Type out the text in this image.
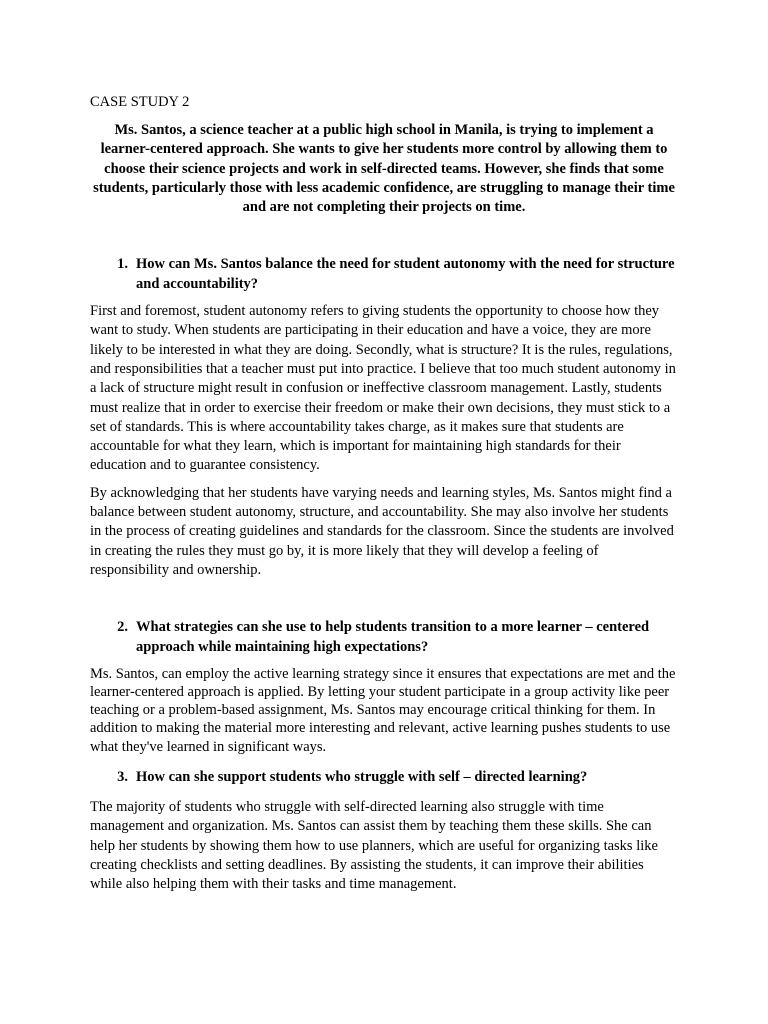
CASE STUDY 2
Ms. Santos, a science teacher at a public high school in Manila, is trying to implement a learner-centered approach. She wants to give her students more control by allowing them to choose their science projects and work in self-directed teams. However, she finds that some students, particularly those with less academic confidence, are struggling to manage their time and are not completing their projects on time.
1. How can Ms. Santos balance the need for student autonomy with the need for structure and accountability?

First and foremost, student autonomy refers to giving students the opportunity to choose how they want to study. When students are participating in their education and have a voice, they are more likely to be interested in what they are doing. Secondly, what is structure? It is the rules, regulations, and responsibilities that a teacher must put into practice. I believe that too much student autonomy in a lack of structure might result in confusion or ineffective classroom management. Lastly, students must realize that in order to exercise their freedom or make their own decisions, they must stick to a set of standards. This is where accountability takes charge, as it makes sure that students are accountable for what they learn, which is important for maintaining high standards for their education and to guarantee consistency.

By acknowledging that her students have varying needs and learning styles, Ms. Santos might find a balance between student autonomy, structure, and accountability. She may also involve her students in the process of creating guidelines and standards for the classroom. Since the students are involved in creating the rules they must go by, it is more likely that they will develop a feeling of responsibility and ownership.

2. What strategies can she use to help students transition to a more learner – centered approach while maintaining high expectations?

Ms. Santos, can employ the active learning strategy since it ensures that expectations are met and the learner-centered approach is applied. By letting your student participate in a group activity like peer teaching or a problem-based assignment, Ms. Santos may encourage critical thinking for them. In addition to making the material more interesting and relevant, active learning pushes students to use what they've learned in significant ways.

3. How can she support students who struggle with self – directed learning?

The majority of students who struggle with self-directed learning also struggle with time management and organization. Ms. Santos can assist them by teaching them these skills. She can help her students by showing them how to use planners, which are useful for organizing tasks like creating checklists and setting deadlines. By assisting the students, it can improve their abilities while also helping them with their tasks and time management.
